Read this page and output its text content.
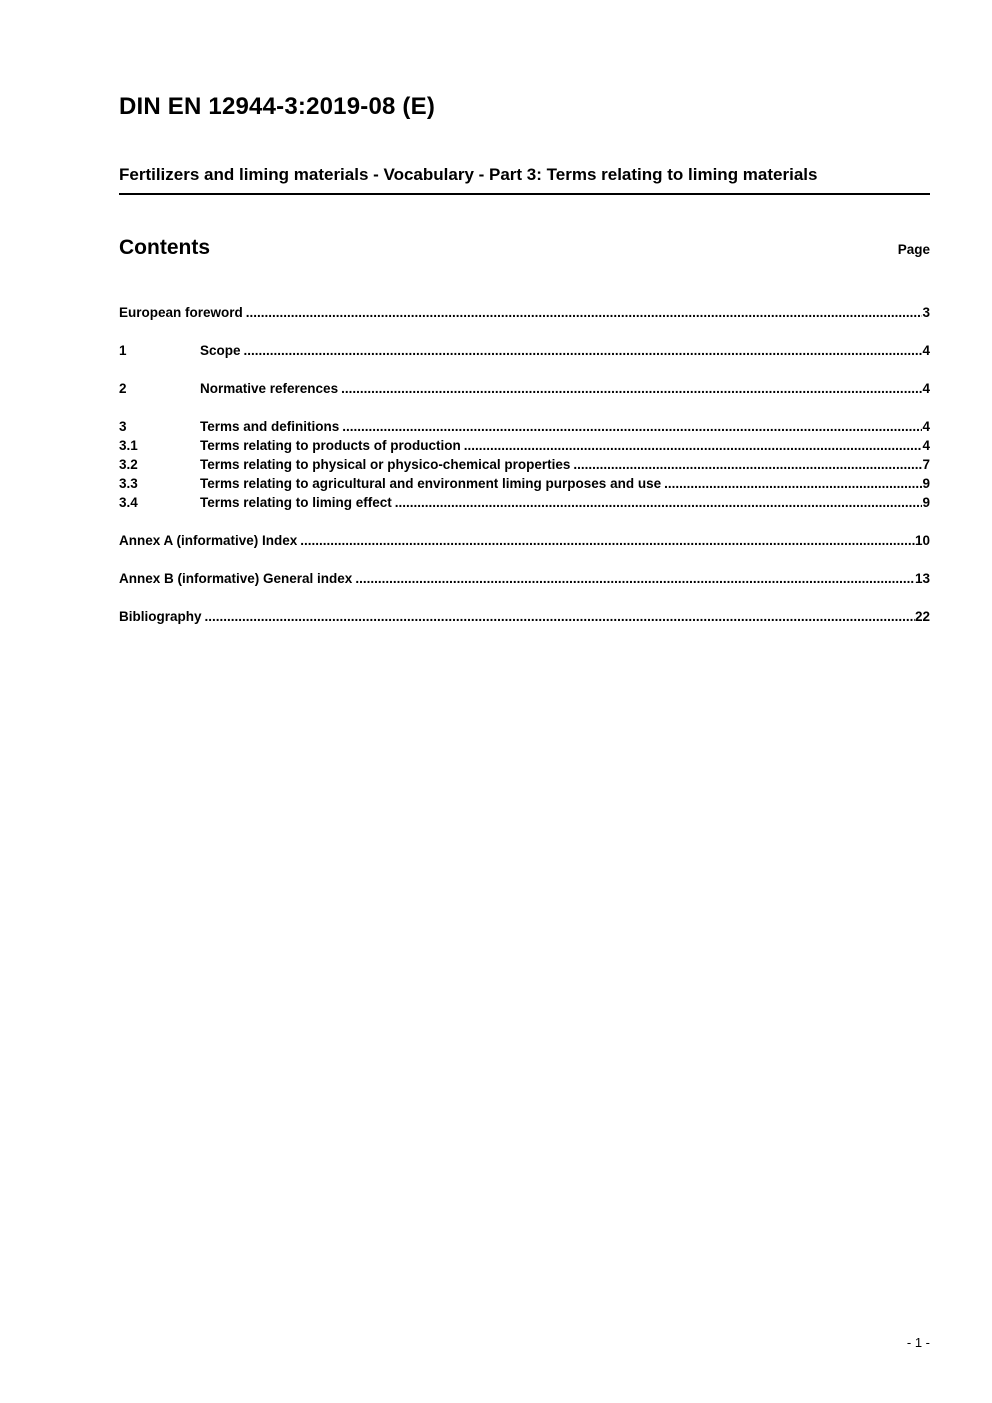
DIN EN 12944-3:2019-08 (E)
Fertilizers and liming materials - Vocabulary - Part 3: Terms relating to liming materials
Contents	Page
European foreword .....	3
1	Scope .....	4
2	Normative references .....	4
3	Terms and definitions .....	4
3.1	Terms relating to products of production .....	4
3.2	Terms relating to physical or physico-chemical properties .....	7
3.3	Terms relating to agricultural and environment liming purposes and use .....	9
3.4	Terms relating to liming effect .....	9
Annex A (informative) Index .....	10
Annex B (informative) General index .....	13
Bibliography .....	22
- 1 -
